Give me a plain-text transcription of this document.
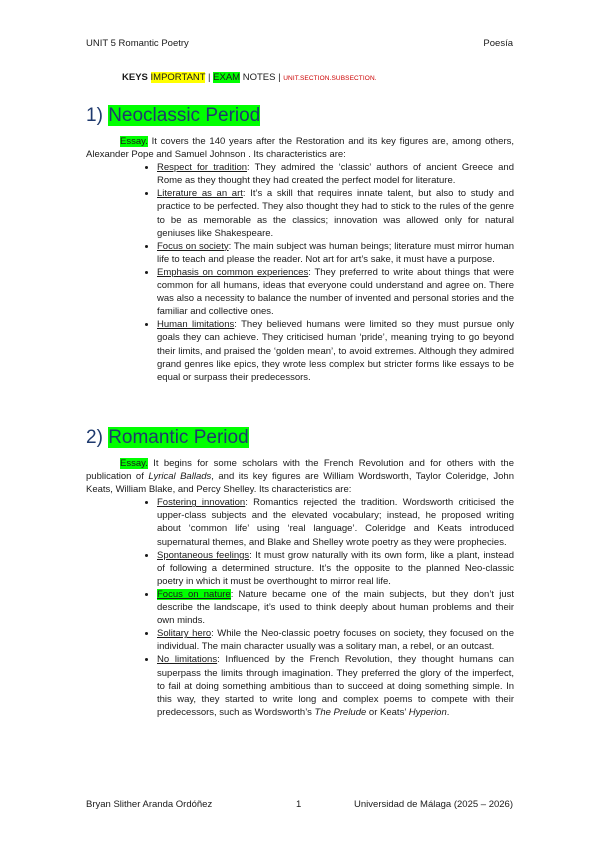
UNIT 5 Romantic Poetry	Poesía
KEYS IMPORTANT | EXAM NOTES | UNIT.SECTION.SUBSECTION.
1) Neoclassic Period

Essay. It covers the 140 years after the Restoration and its key figures are, among others, Alexander Pope and Samuel Johnson . Its characteristics are:

• Respect for tradition: They admired the ‘classic’ authors of ancient Greece and Rome as they thought they had created the perfect model for literature.
• Literature as an art: It’s a skill that requires innate talent, but also to study and practice to be perfected. They also thought they had to stick to the rules of the genre to be as memorable as the classics; innovation was allowed only for natural geniuses like Shakespeare.
• Focus on society: The main subject was human beings; literature must mirror human life to teach and please the reader. Not art for art’s sake, it must have a purpose.
• Emphasis on common experiences: They preferred to write about things that were common for all humans, ideas that everyone could understand and agree on. There was also a necessity to balance the number of invented and personal stories and the familiar and collective ones.
• Human limitations: They believed humans were limited so they must pursue only goals they can achieve. They criticised human ‘pride’, meaning trying to go beyond their limits, and praised the ‘golden mean’, to avoid extremes. Although they admired grand genres like epics, they wrote less complex but stricter forms like essays to be equal or surpass their predecessors.
2) Romantic Period

Essay. It begins for some scholars with the French Revolution and for others with the publication of Lyrical Ballads, and its key figures are William Wordsworth, Taylor Coleridge, John Keats, William Blake, and Percy Shelley. Its characteristics are:

• Fostering innovation: Romantics rejected the tradition. Wordsworth criticised the upper-class subjects and the elevated vocabulary; instead, he proposed writing about ‘common life’ using ‘real language’. Coleridge and Keats introduced supernatural themes, and Blake and Shelley wrote poetry as they were prophecies.
• Spontaneous feelings: It must grow naturally with its own form, like a plant, instead of following a determined structure. It’s the opposite to the planned Neo-classic poetry in which it must be overthought to mirror real life.
• Focus on nature: Nature became one of the main subjects, but they don’t just describe the landscape, it’s used to think deeply about human problems and their own minds.
• Solitary hero: While the Neo-classic poetry focuses on society, they focused on the individual. The main character usually was a solitary man, a rebel, or an outcast.
• No limitations: Influenced by the French Revolution, they thought humans can superpass the limits through imagination. They preferred the glory of the imperfect, to fail at doing something ambitious than to succeed at doing something simple. In this way, they started to write long and complex poems to compete with their predecessors, such as Wordsworth’s The Prelude or Keats’ Hyperion.
Bryan Slither Aranda Ordóñez	1	Universidad de Málaga (2025 – 2026)
